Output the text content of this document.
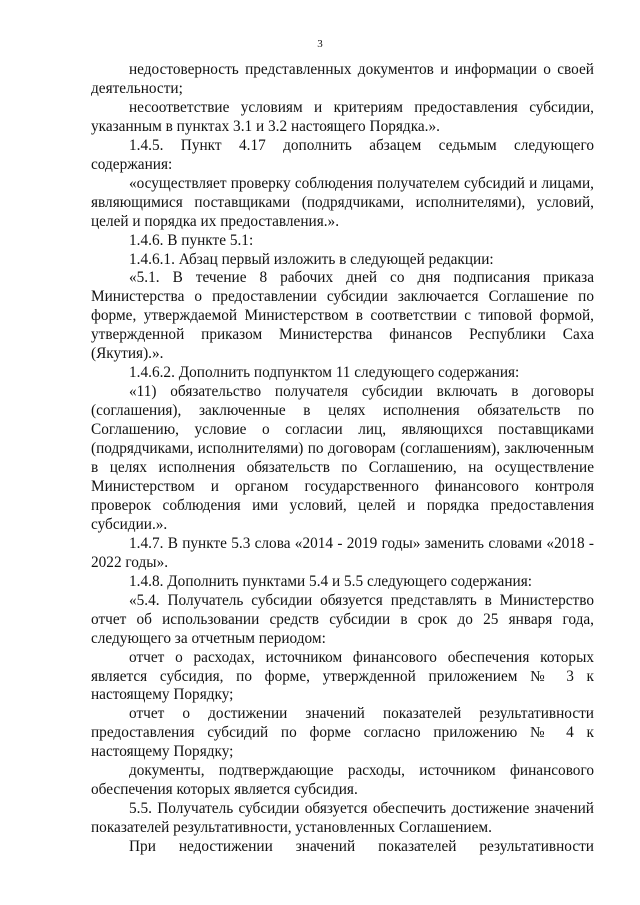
3

недостоверность представленных документов и информации о своей деятельности;

несоответствие условиям и критериям предоставления субсидии, указанным в пунктах 3.1 и 3.2 настоящего Порядка.».

1.4.5. Пункт 4.17 дополнить абзацем седьмым следующего содержания:

«осуществляет проверку соблюдения получателем субсидий и лицами, являющимися поставщиками (подрядчиками, исполнителями), условий, целей и порядка их предоставления.».

1.4.6. В пункте 5.1:

1.4.6.1. Абзац первый изложить в следующей редакции:

«5.1. В течение 8 рабочих дней со дня подписания приказа Министерства о предоставлении субсидии заключается Соглашение по форме, утверждаемой Министерством в соответствии с типовой формой, утвержденной приказом Министерства финансов Республики Саха (Якутия).».

1.4.6.2. Дополнить подпунктом 11 следующего содержания:

«11) обязательство получателя субсидии включать в договоры (соглашения), заключенные в целях исполнения обязательств по Соглашению, условие о согласии лиц, являющихся поставщиками (подрядчиками, исполнителями) по договорам (соглашениям), заключенным в целях исполнения обязательств по Соглашению, на осуществление Министерством и органом государственного финансового контроля проверок соблюдения ими условий, целей и порядка предоставления субсидии.».

1.4.7. В пункте 5.3 слова «2014 - 2019 годы» заменить словами «2018 - 2022 годы».

1.4.8. Дополнить пунктами 5.4 и 5.5 следующего содержания:

«5.4. Получатель субсидии обязуется представлять в Министерство отчет об использовании средств субсидии в срок до 25 января года, следующего за отчетным периодом:

отчет о расходах, источником финансового обеспечения которых является субсидия, по форме, утвержденной приложением № 3 к настоящему Порядку;

отчет о достижении значений показателей результативности предоставления субсидий по форме согласно приложению № 4 к настоящему Порядку;

документы, подтверждающие расходы, источником финансового обеспечения которых является субсидия.

5.5. Получатель субсидии обязуется обеспечить достижение значений показателей результативности, установленных Соглашением.

При недостижении значений показателей результативности
